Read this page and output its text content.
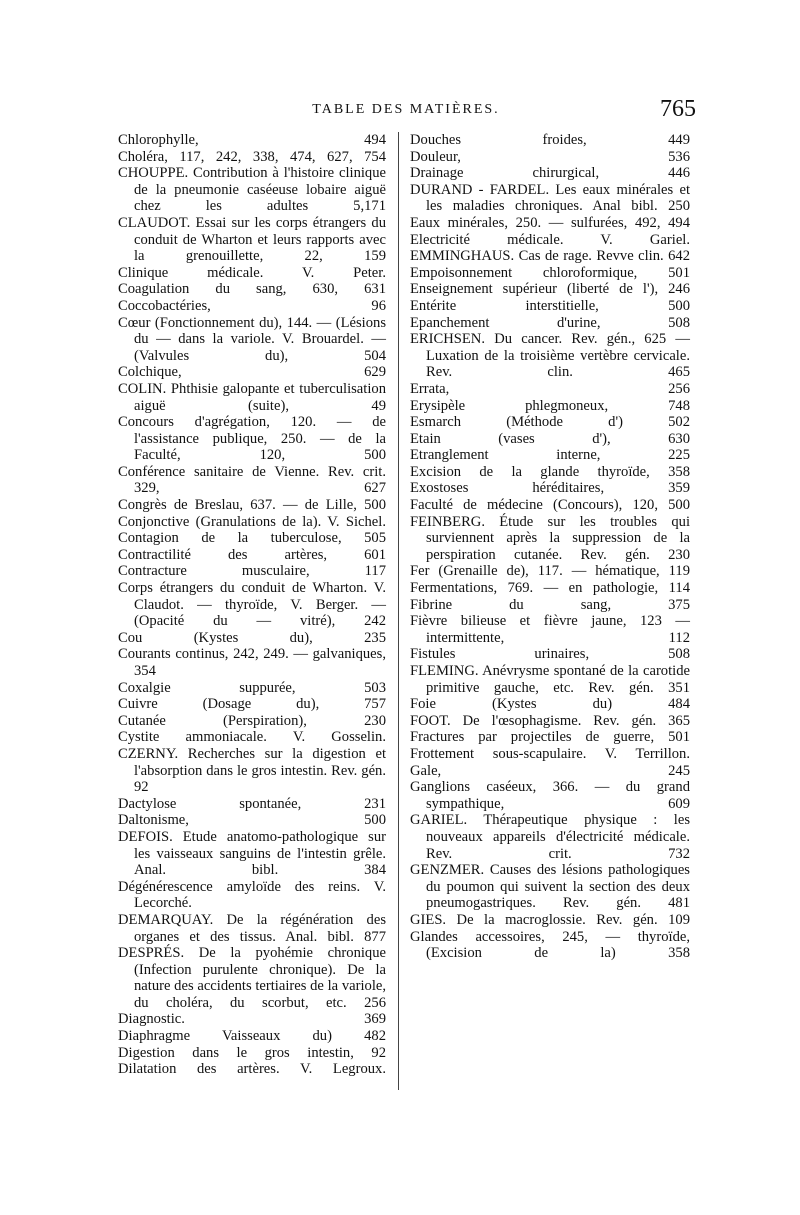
TABLE DES MATIÈRES.	765

Chlorophylle, 494

Choléra, 117, 242, 338, 474, 627, 754

CHOUPPE. Contribution à l'histoire clinique de la pneumonie caséeuse lobaire aiguë chez les adultes 5,171

CLAUDOT. Essai sur les corps étrangers du conduit de Wharton et leurs rapports avec la grenouillette, 22, 159

Clinique médicale. V. Peter.

Coagulation du sang, 630, 631

Coccobactéries, 96

Cœur (Fonctionnement du), 144. — (Lésions du — dans la variole. V. Brouardel. — (Valvules du), 504

Colchique, 629

COLIN. Phthisie galopante et tuberculisation aiguë (suite), 49

Concours d'agrégation, 120. — de l'assistance publique, 250. — de la Faculté, 120, 500

Conférence sanitaire de Vienne. Rev. crit. 329, 627

Congrès de Breslau, 637. — de Lille, 500

Conjonctive (Granulations de la). V. Sichel.

Contagion de la tuberculose, 505

Contractilité des artères, 601

Contracture musculaire, 117

Corps étrangers du conduit de Wharton. V. Claudot. — thyroïde, V. Berger. — (Opacité du — vitré), 242

Cou (Kystes du), 235

Courants continus, 242, 249. — galvaniques, 354

Coxalgie suppurée, 503

Cuivre (Dosage du), 757

Cutanée (Perspiration), 230

Cystite ammoniacale. V. Gosselin.

CZERNY. Recherches sur la digestion et l'absorption dans le gros intestin. Rev. gén. 92

Dactylose spontanée, 231

Daltonisme, 500

DEFOIS. Etude anatomo-pathologique sur les vaisseaux sanguins de l'intestin grêle. Anal. bibl. 384

Dégénérescence amyloïde des reins. V. Lecorché.

DEMARQUAY. De la régénération des organes et des tissus. Anal. bibl. 877

DESPRÉS. De la pyohémie chronique (Infection purulente chronique). De la nature des accidents tertiaires de la variole, du choléra, du scorbut, etc. 256

Diagnostic. 369

Diaphragme Vaisseaux du) 482

Digestion dans le gros intestin, 92

Dilatation des artères. V. Legroux.

Douches froides, 449

Douleur, 536

Drainage chirurgical, 446

DURAND - FARDEL. Les eaux minérales et les maladies chroniques. Anal bibl. 250

Eaux minérales, 250. — sulfurées, 492, 494

Electricité médicale. V. Gariel.

EMMINGHAUS. Cas de rage. Revve clin. 642

Empoisonnement chloroformique, 501

Enseignement supérieur (liberté de l'), 246

Entérite interstitielle, 500

Epanchement d'urine, 508

ERICHSEN. Du cancer. Rev. gén., 625 — Luxation de la troisième vertèbre cervicale. Rev. clin. 465

Errata, 256

Erysipèle phlegmoneux, 748

Esmarch (Méthode d') 502

Etain (vases d'), 630

Etranglement interne, 225

Excision de la glande thyroïde, 358

Exostoses héréditaires, 359

Faculté de médecine (Concours), 120, 500

FEINBERG. Étude sur les troubles qui surviennent après la suppression de la perspiration cutanée. Rev. gén. 230

Fer (Grenaille de), 117. — hématique, 119

Fermentations, 769. — en pathologie, 114

Fibrine du sang, 375

Fièvre bilieuse et fièvre jaune, 123 — intermittente, 112

Fistules urinaires, 508

FLEMING. Anévrysme spontané de la carotide primitive gauche, etc. Rev. gén. 351

Foie (Kystes du) 484

FOOT. De l'œsophagisme. Rev. gén. 365

Fractures par projectiles de guerre, 501

Frottement sous-scapulaire. V. Terrillon.

Gale, 245

Ganglions caséeux, 366. — du grand sympathique, 609

GARIEL. Thérapeutique physique : les nouveaux appareils d'électricité médicale. Rev. crit. 732

GENZMER. Causes des lésions pathologiques du poumon qui suivent la section des deux pneumogastriques. Rev. gén. 481

GIES. De la macroglossie. Rev. gén. 109

Glandes accessoires, 245, — thyroïde, (Excision de la) 358
